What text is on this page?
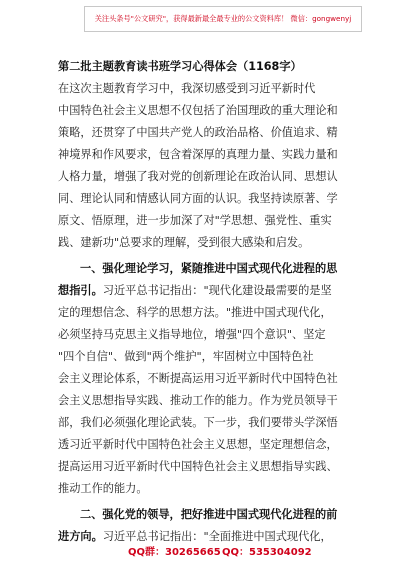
关注头条号"公文研究"，获得最新最全最专业的公文资料库！ 微信：gongwenyj
第二批主题教育读书班学习心得体会（1168字）
在这次主题教育学习中，我深切感受到习近平新时代
中国特色社会主义思想不仅包括了治国理政的重大理论和
策略，还贯穿了中国共产党人的政治品格、价值追求、精
神境界和作风要求，包含着深厚的真理力量、实践力量和
人格力量，增强了我对党的创新理论在政治认同、思想认
同、理论认同和情感认同方面的认识。我坚持读原著、学
原文、悟原理，进一步加深了对"学思想、强党性、重实
践、建新功"总要求的理解，受到很大感染和启发。
一、强化理论学习，紧随推进中国式现代化进程的思
想指引。习近平总书记指出："现代化建设最需要的是坚
定的理想信念、科学的思想方法。"推进中国式现代化，
必须坚持马克思主义指导地位，增强"四个意识"、坚定
"四个自信"、做到"两个维护"，牢固树立中国特色社
会主义理论体系，不断提高运用习近平新时代中国特色社
会主义思想指导实践、推动工作的能力。作为党员领导干
部，我们必须强化理论武装。下一步，我们要带头学深悟
透习近平新时代中国特色社会主义思想，坚定理想信念，
提高运用习近平新时代中国特色社会主义思想指导实践、
推动工作的能力。
二、强化党的领导，把好推进中国式现代化进程的前
进方向。习近平总书记指出："全面推进中国式现代化，
QQ群：30265665 QQ：535304092
